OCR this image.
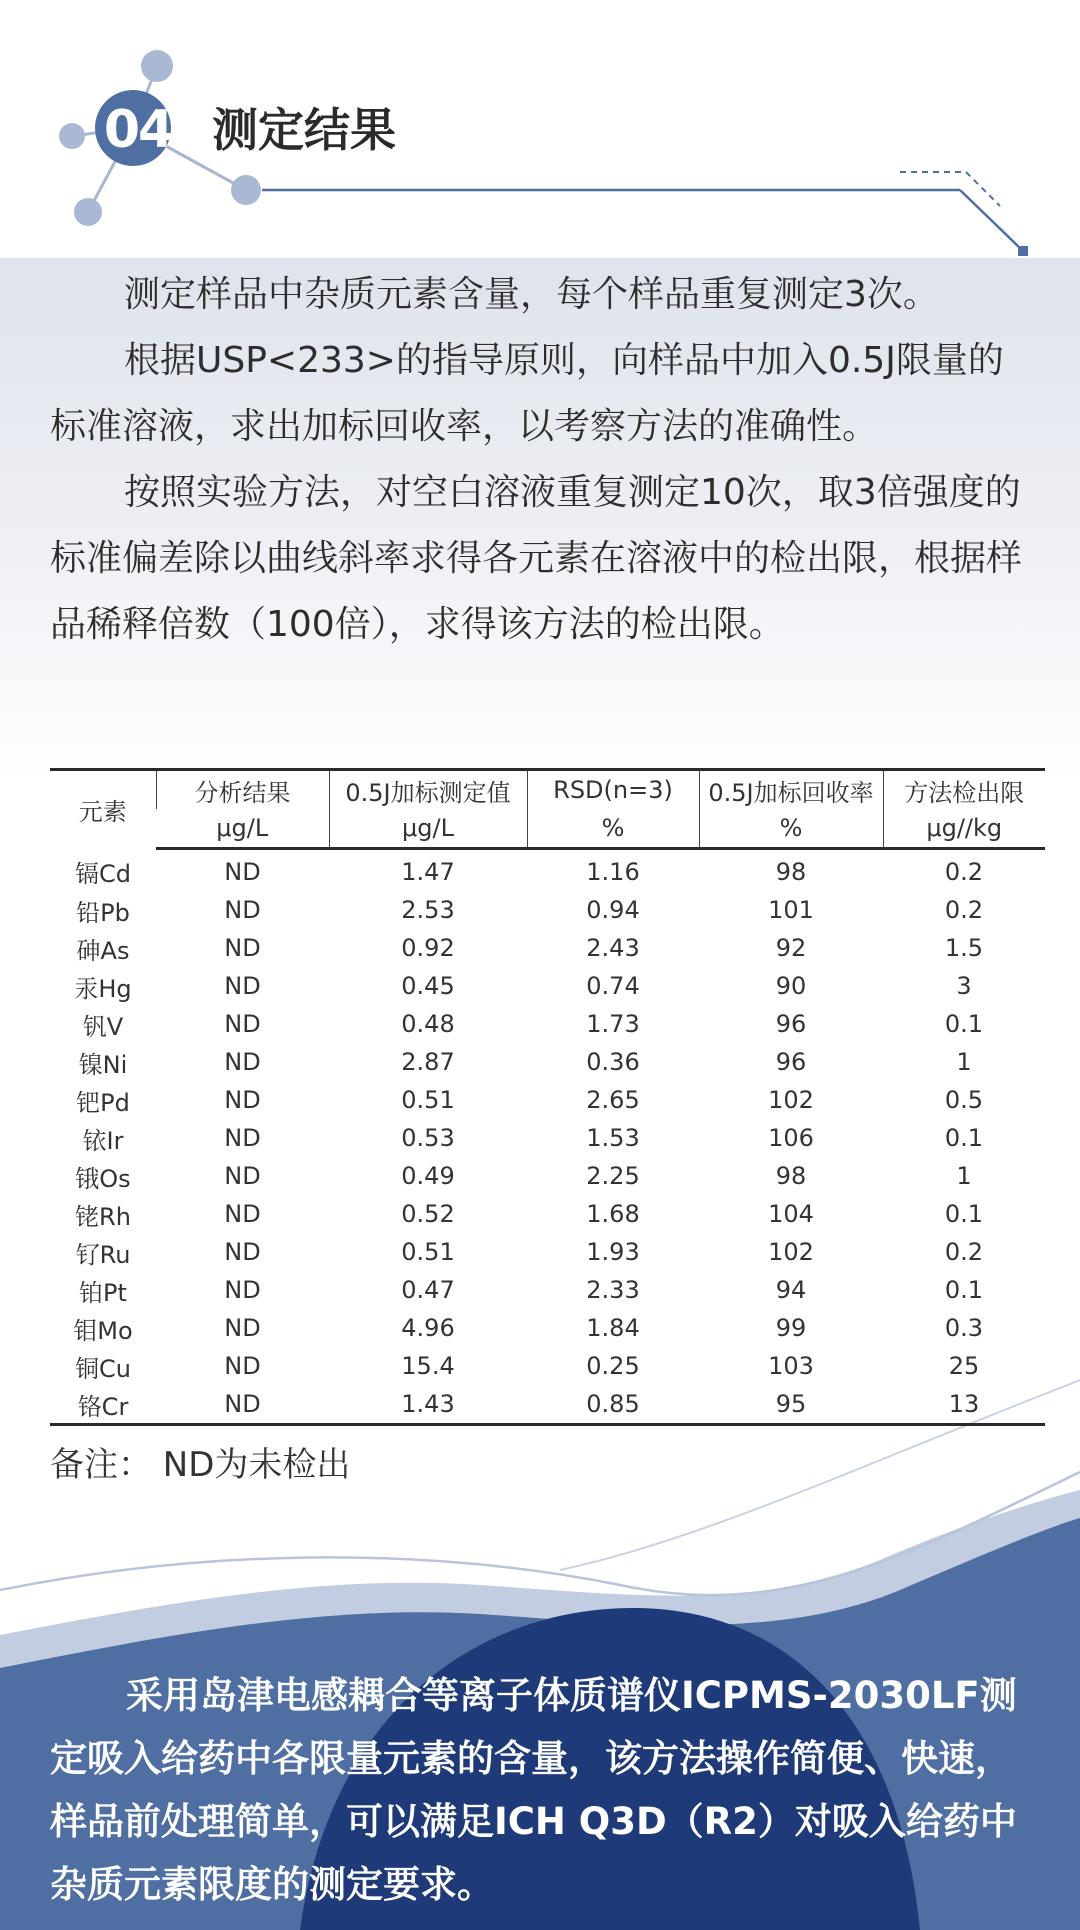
04 测定结果

测定样品中杂质元素含量，每个样品重复测定3次。

根据USP<233>的指导原则，向样品中加入0.5J限量的标准溶液，求出加标回收率，以考察方法的准确性。

按照实验方法，对空白溶液重复测定10次，取3倍强度的标准偏差除以曲线斜率求得各元素在溶液中的检出限，根据样品稀释倍数（100倍），求得该方法的检出限。

元素	分析结果	0.5J加标测定值	RSD(n=3)	0.5J加标回收率	方法检出限
	μg/L	μg/L	%	%	μg//kg
镉Cd	ND	1.47	1.16	98	0.2
铅Pb	ND	2.53	0.94	101	0.2
砷As	ND	0.92	2.43	92	1.5
汞Hg	ND	0.45	0.74	90	3
钒V	ND	0.48	1.73	96	0.1
镍Ni	ND	2.87	0.36	96	1
钯Pd	ND	0.51	2.65	102	0.5
铱Ir	ND	0.53	1.53	106	0.1
锇Os	ND	0.49	2.25	98	1
铑Rh	ND	0.52	1.68	104	0.1
钌Ru	ND	0.51	1.93	102	0.2
铂Pt	ND	0.47	2.33	94	0.1
钼Mo	ND	4.96	1.84	99	0.3
铜Cu	ND	15.4	0.25	103	25
铬Cr	ND	1.43	0.85	95	13
备注： ND为未检出
采用岛津电感耦合等离子体质谱仪ICPMS-2030LF测定吸入给药中各限量元素的含量，该方法操作简便、快速，样品前处理简单，可以满足ICH Q3D（R2）对吸入给药中杂质元素限度的测定要求。
